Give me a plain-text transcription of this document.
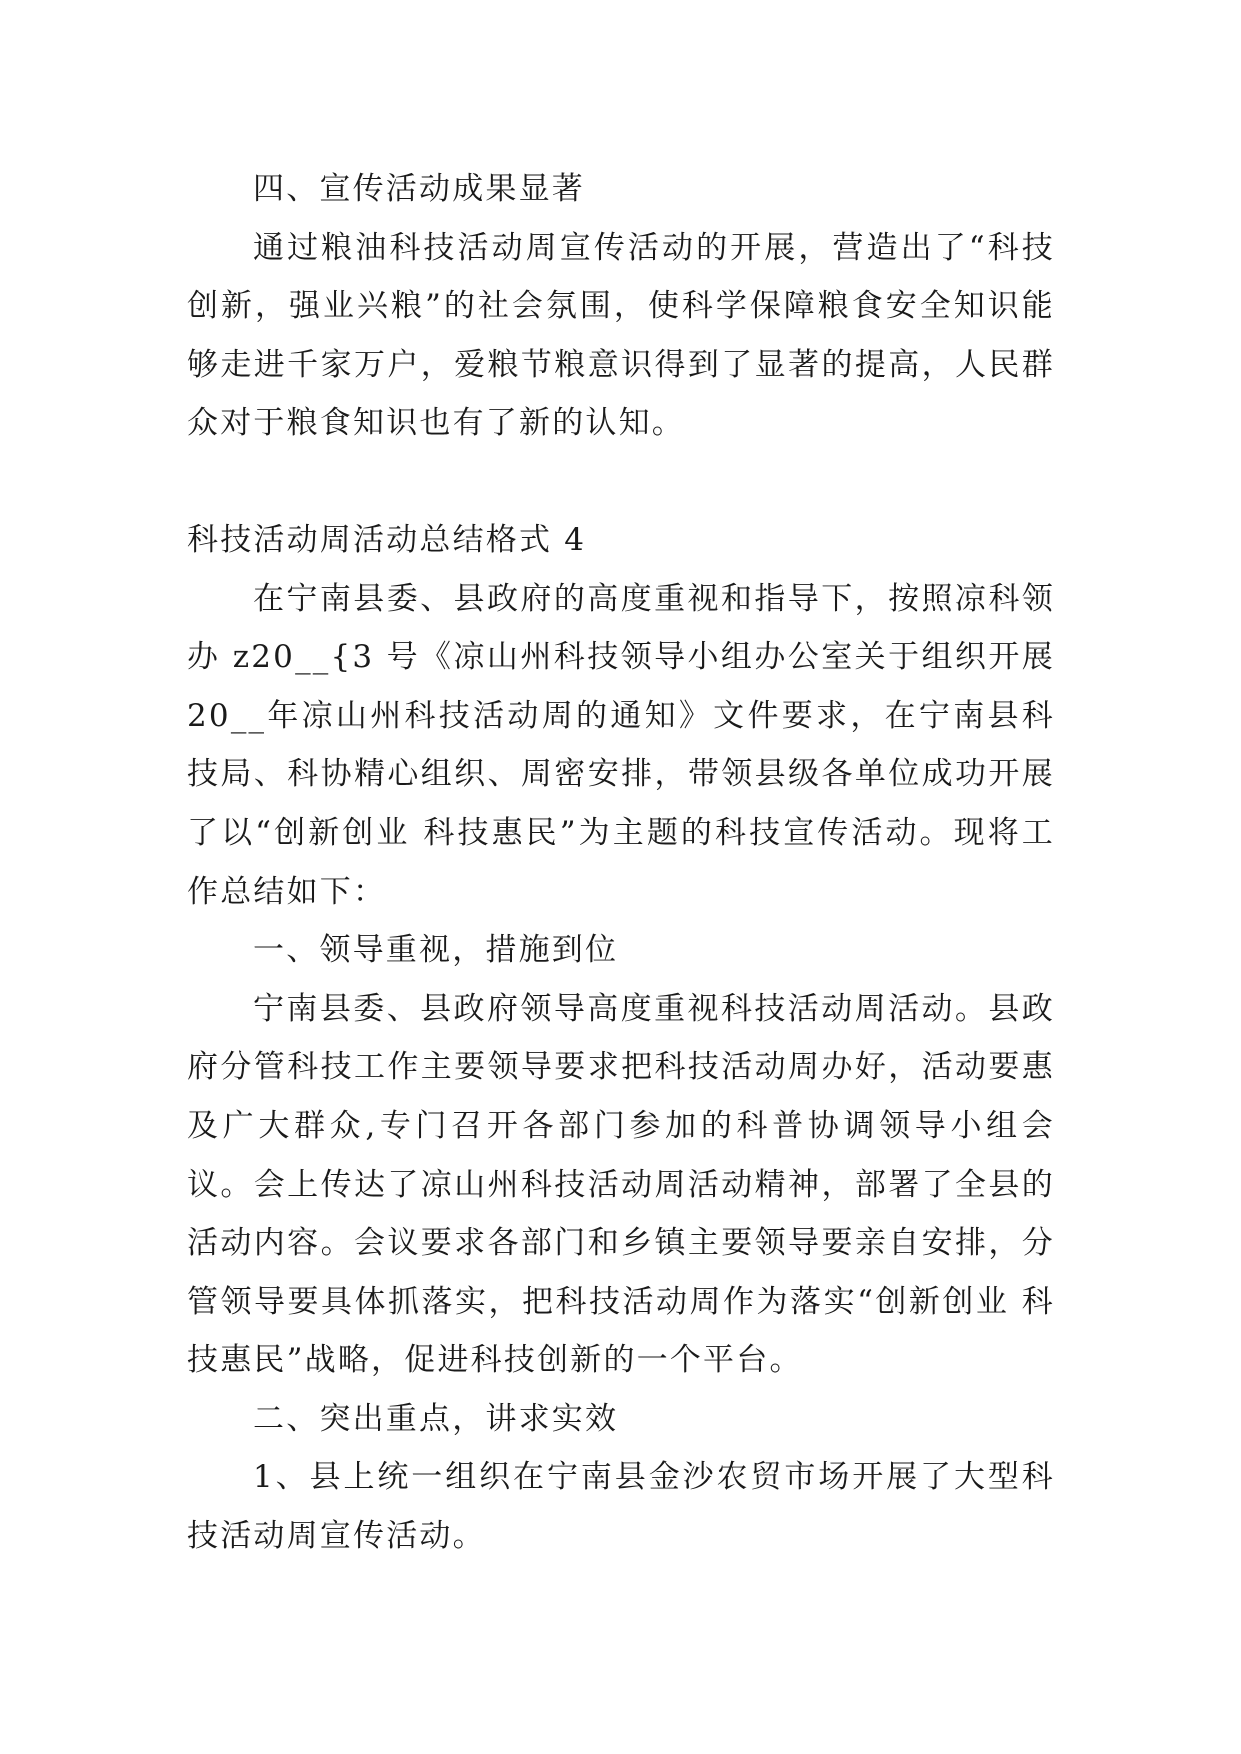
四、宣传活动成果显著

通过粮油科技活动周宣传活动的开展，营造出了“科技创新，强业兴粮”的社会氛围，使科学保障粮食安全知识能够走进千家万户，爱粮节粮意识得到了显著的提高，人民群众对于粮食知识也有了新的认知。

科技活动周活动总结格式 4

在宁南县委、县政府的高度重视和指导下，按照凉科领办 z20__{3 号《凉山州科技领导小组办公室关于组织开展20__年凉山州科技活动周的通知》文件要求，在宁南县科技局、科协精心组织、周密安排，带领县级各单位成功开展了以“创新创业 科技惠民”为主题的科技宣传活动。现将工作总结如下：

一、领导重视，措施到位

宁南县委、县政府领导高度重视科技活动周活动。县政府分管科技工作主要领导要求把科技活动周办好，活动要惠及广大群众,专门召开各部门参加的科普协调领导小组会议。会上传达了凉山州科技活动周活动精神，部署了全县的活动内容。会议要求各部门和乡镇主要领导要亲自安排，分管领导要具体抓落实，把科技活动周作为落实“创新创业 科技惠民”战略，促进科技创新的一个平台。

二、突出重点，讲求实效

1、县上统一组织在宁南县金沙农贸市场开展了大型科技活动周宣传活动。
